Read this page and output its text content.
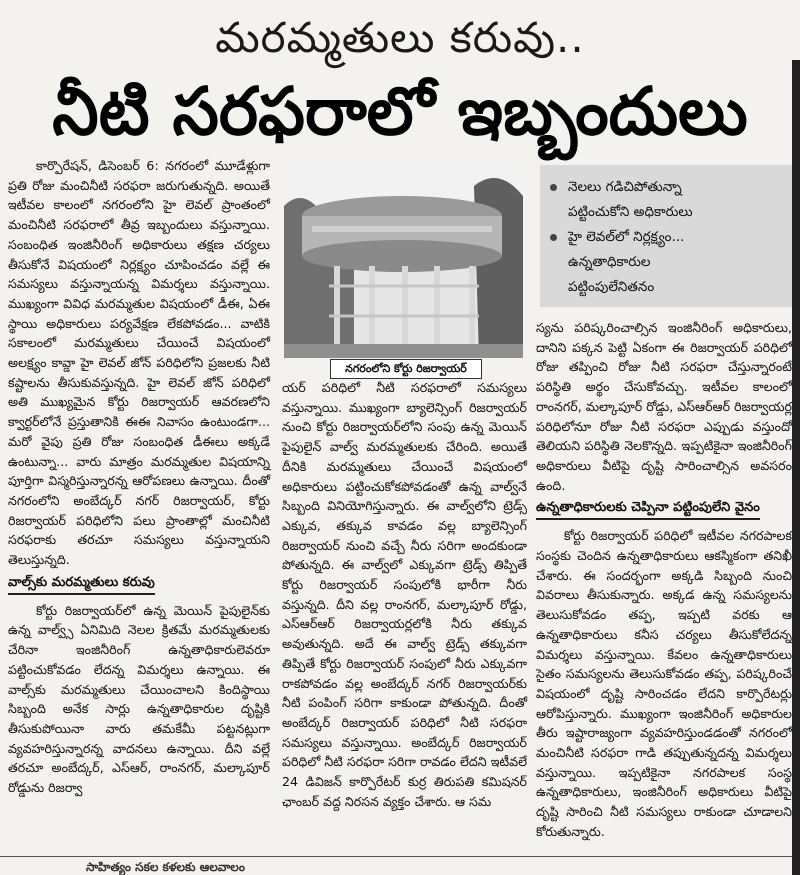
మరమ్మతులు కరువు..
నీటి సరఫరాలో ఇబ్బందులు

కార్పొరేషన్, డిసెంబర్ 6: నగరంలో మూడేళ్లుగా ప్రతి రోజు మంచినీటి సరఫరా జరుగుతున్నది. అయితే ఇటీవల కాలంలో నగరంలోని హై లెవల్ ప్రాంతంలో మంచినీటి సరఫరాలో తీవ్ర ఇబ్బందులు వస్తున్నాయి. సంబంధిత ఇంజినీరింగ్ అధికారులు తక్షణ చర్యలు తీసుకోనే విషయంలో నిర్లక్ష్యం చూపించడం వల్లే ఈ సమస్యలు వస్తున్నాయన్న విమర్శలు వస్తున్నాయి. ముఖ్యంగా వివిధ మరమ్మతుల విషయంలో డీఈ, ఏఈ స్థాయి అధికారులు పర్యవేక్షణ లేకపోవడం... వాటికి సకాలంలో మరమ్మతులు చేయించే విషయంలో అలక్ష్యం కావ్డా హై లెవల్ జోన్ పరిధిలోని ప్రజలకు నీటి కష్టాలను తీసుకువస్తున్నది. హై లెవల్ జోన్ పరిధిలో అతి ముఖ్యమైన కోర్టు రిజర్వాయర్ ఆవరణలోని క్వార్టర్‌లోనే ప్రస్తుతానికి ఈఈ నివాసం ఉంటుండగా... మరో వైపు ప్రతి రోజు సంబంధిత డీఈలు అక్కడే ఉంటున్నా... వారు మాత్రం మరమ్మతుల విషయాన్ని పూర్తిగా విస్మరిస్తున్నారన్న ఆరోపణలు ఉన్నాయి. దీంతో నగరంలోని అంబేద్కర్ నగర్ రిజర్వాయర్, కోర్టు రిజర్వాయర్ పరిధిలోని పలు ప్రాంతాల్లో మంచినీటి సరఫరాకు తరచూ సమస్యలు వస్తున్నాయని తెలుస్తున్నది.

వాల్స్‌కు మరమ్మతులు కరువు

కోర్టు రిజర్వాయర్‌లో ఉన్న మెయిన్ పైపులైన్‌కు ఉన్న వాల్వ్స్ ఏనిమిది నెలల క్రితమే మరమ్మతులకు చేరినా ఇంజినీరింగ్ ఉన్నతాధికారులెవరూ పట్టించుకోవడం లేదన్న విమర్శలు ఉన్నాయి. ఈ వాల్స్‌కు మరమ్మతులు చేయించాలని కిందిస్థాయి సిబ్బంది అనేక సార్లు ఉన్నతాధికారుల దృష్టికి తీసుకుపోయినా వారు తమకేమీ పట్టనట్లుగా వ్యవహరిస్తున్నారన్న వాదనలు ఉన్నాయి. దీని వల్లే తరచూ అంబేద్కర్, ఎస్‌ఆర్, రాంనగర్, మల్కాపూర్ రోడ్డును రిజర్వా

నగరంలోని కోర్టు రిజర్వాయర్
నెలలు గడిచిపోతున్నా
పట్టించుకోని అధికారులు
హై లెవల్‌లో నిర్లక్ష్యం...
ఉన్నతాధికారుల
పట్టింపులేనితనం

యర్ పరిధిలో నీటి సరఫరాలో సమస్యలు వస్తున్నాయి. ముఖ్యంగా బ్యాలెన్సింగ్ రిజర్వాయర్ నుంచి కోర్టు రిజర్వాయర్‌లోని సంపు ఉన్న మెయిన్ పైపులైన్ వాల్వ్ మరమ్మతులకు చేరింది. అయితే దీనికి మరమ్మతులు చేయించే విషయంలో అధికారులు పట్టించుకోకపోవడంతో ఉన్న వాల్వ్‌నే సిబ్బంది వినియోగిస్తున్నారు. ఈ వాల్వ్‌లోని ట్రెడ్స్ ఎక్కువ, తక్కువ కావడం వల్ల బ్యాలెన్సింగ్ రిజర్వాయర్ నుంచి వచ్చే నీరు సరిగా అందకుండా పోతున్నది. ఈ వాల్వ్‌లో ఎక్కువగా ట్రెడ్స్ తిప్పితే కోర్టు రిజర్వాయర్ సంపులోకి భారీగా నీరు వస్తున్నది. దీని వల్ల రాంనగర్, మల్కాపూర్ రోడ్డు, ఎస్‌ఆర్‌ఆర్ రిజర్వాయర్లలోకి నీరు తక్కువ అవుతున్నది. అదే ఈ వాల్వ్ ట్రెడ్స్ తక్కువగా తిప్పితే కోర్టు రిజర్వాయర్ సంపులో నీరు ఎక్కువగా రాకపోవడం వల్ల అంబేద్కర్ నగర్ రిజర్వాయర్‌కు నీటి పంపింగ్ సరిగా కాకుండా పోతున్నది. దీంతో అంబేద్కర్ రిజర్వాయర్ పరిధిలో నీటి సరఫరా సమస్యలు వస్తున్నాయి. అంబేద్కర్ రిజర్వాయర్ పరిధిలో నీటి సరఫరా సరిగా రావడం లేదని ఇటీవలే 24 డివిజన్ కార్పొరేటర్ కుర్ర తిరుపతి కమిషనర్ ఛాంబర్ వద్ద నిరసన వ్యక్తం చేశారు. ఆ సమ

స్యను పరిష్కరించాల్సిన ఇంజినీరింగ్ అధికారులు, దానిని పక్కన పెట్టి ఏకంగా ఈ రిజర్వాయర్ పరిధిలో రోజు తప్పించి రోజు నీటి సరఫరా చేస్తున్నారంటే పరిస్థితి అర్థం చేసుకోవచ్చు. ఇటీవల కాలంలో రాంనగర్, మల్కాపూర్ రోడ్డు, ఎస్‌ఆర్‌ఆర్ రిజర్వాయర్ల పరిధిలోనూ రోజు నీటి సరఫరా ఎప్పుడు వస్తుందో తెలియని పరిస్థితి నెలకొన్నది. ఇప్పటికైనా ఇంజినీరింగ్ అధికారులు వీటిపై దృష్టి సారించాల్సిన అవసరం ఉంది.

ఉన్నతాధికారులకు చెప్పినా పట్టింపులేని వైనం

కోర్టు రిజర్వాయర్ పరిధిలో ఇటీవల నగరపాలక సంస్థకు చెందిన ఉన్నతాధికారులు ఆకస్మికంగా తనిఖీ చేశారు. ఈ సందర్భంగా అక్కడి సిబ్బంది నుంచి వివరాలు తీసుకున్నారు. అక్కడ ఉన్న సమస్యలను తెలుసుకోవడం తప్ప, ఇప్పటి వరకు ఆ ఉన్నతాధికారులు కనీస చర్యలు తీసుకోలేదన్న విమర్శలు వస్తున్నాయి. కేవలం ఉన్నతాధికారులు సైతం సమస్యలను తెలుసుకోవడం తప్ప, పరిష్కరించే విషయంలో దృష్టి సారించడం లేదని కార్పొరేటర్లు ఆరోపిస్తున్నారు. ముఖ్యంగా ఇంజినీరింగ్ అధికారుల తీరు ఇష్టారాజ్యంగా వ్యవహరిస్తుండడంతో నగరంలో మంచినీటి సరఫరా గాడి తప్పుతున్నదన్న విమర్శలు వస్తున్నాయి. ఇప్పటికైనా నగరపాలక సంస్థ ఉన్నతాధికారులు, ఇంజినీరింగ్ అధికారులు వీటిపై దృష్టి సారించి నీటి సమస్యలు రాకుండా చూడాలని కోరుతున్నారు.

సాహిత్యం సకల కళలకు ఆలవాలం
